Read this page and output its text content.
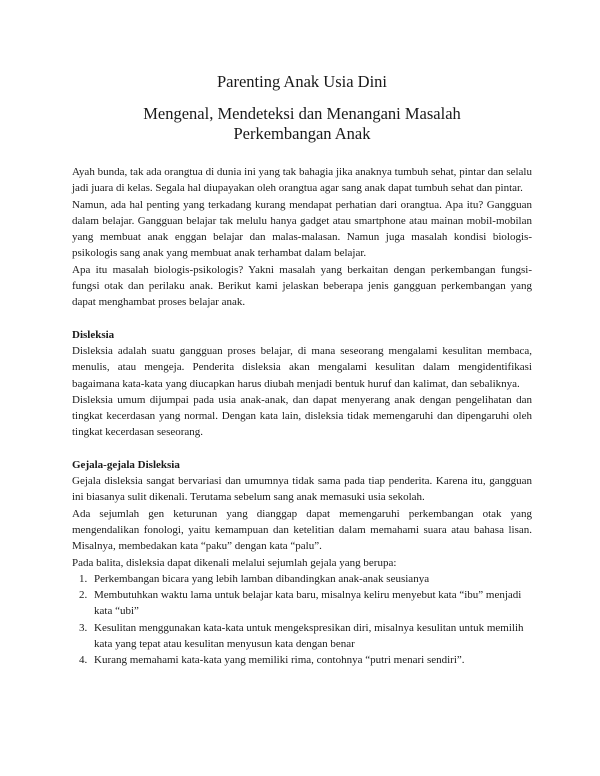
Parenting Anak Usia Dini
Mengenal, Mendeteksi dan Menangani Masalah
Perkembangan Anak

Ayah bunda, tak ada orangtua di dunia ini yang tak bahagia jika anaknya tumbuh sehat, pintar dan selalu jadi juara di kelas. Segala hal diupayakan oleh orangtua agar sang anak dapat tumbuh sehat dan pintar.

Namun, ada hal penting yang terkadang kurang mendapat perhatian dari orangtua. Apa itu? Gangguan dalam belajar. Gangguan belajar tak melulu hanya gadget atau smartphone atau mainan mobil-mobilan yang membuat anak enggan belajar dan malas-malasan. Namun juga masalah kondisi biologis-psikologis sang anak yang membuat anak terhambat dalam belajar.

Apa itu masalah biologis-psikologis? Yakni masalah yang berkaitan dengan perkembangan fungsi-fungsi otak dan perilaku anak. Berikut kami jelaskan beberapa jenis gangguan perkembangan yang dapat menghambat proses belajar anak.

Disleksia

Disleksia adalah suatu gangguan proses belajar, di mana seseorang mengalami kesulitan membaca, menulis, atau mengeja. Penderita disleksia akan mengalami kesulitan dalam mengidentifikasi bagaimana kata-kata yang diucapkan harus diubah menjadi bentuk huruf dan kalimat, dan sebaliknya.

Disleksia umum dijumpai pada usia anak-anak, dan dapat menyerang anak dengan pengelihatan dan tingkat kecerdasan yang normal. Dengan kata lain, disleksia tidak memengaruhi dan dipengaruhi oleh tingkat kecerdasan seseorang.

Gejala-gejala Disleksia

Gejala disleksia sangat bervariasi dan umumnya tidak sama pada tiap penderita. Karena itu, gangguan ini biasanya sulit dikenali. Terutama sebelum sang anak memasuki usia sekolah.

Ada sejumlah gen keturunan yang dianggap dapat memengaruhi perkembangan otak yang mengendalikan fonologi, yaitu kemampuan dan ketelitian dalam memahami suara atau bahasa lisan. Misalnya, membedakan kata “paku” dengan kata “palu”.

Pada balita, disleksia dapat dikenali melalui sejumlah gejala yang berupa:

1. Perkembangan bicara yang lebih lamban dibandingkan anak-anak seusianya
2. Membutuhkan waktu lama untuk belajar kata baru, misalnya keliru menyebut kata “ibu” menjadi kata “ubi”
3. Kesulitan menggunakan kata-kata untuk mengekspresikan diri, misalnya kesulitan untuk memilih kata yang tepat atau kesulitan menyusun kata dengan benar
4. Kurang memahami kata-kata yang memiliki rima, contohnya “putri menari sendiri”.
